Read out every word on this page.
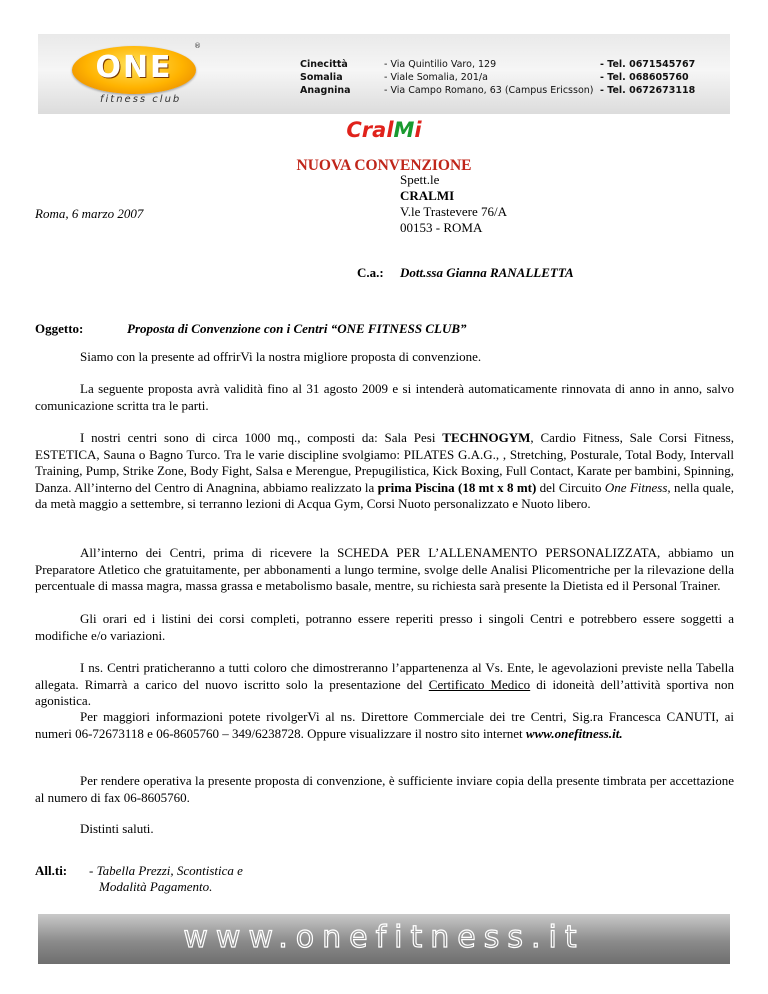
ONE
®
fitness club
Cinecittà
Somalia
Anagnina
- Via Quintilio Varo, 129
- Viale Somalia, 201/a
- Via Campo Romano, 63 (Campus Ericsson)
- Tel. 0671545767
- Tel. 068605760
- Tel. 0672673118
CralMi
NUOVA CONVENZIONE
Roma, 6 marzo 2007
Spett.le
CRALMI
V.le Trastevere 76/A
00153 - ROMA
C.a.: Dott.ssa Gianna RANALLETTA
Oggetto:	Proposta di Convenzione con i Centri “ONE FITNESS CLUB”

Siamo con la presente ad offrirVi la nostra migliore proposta di convenzione.

La seguente proposta avrà validità fino al 31 agosto 2009 e si intenderà automaticamente rinnovata di anno in anno, salvo comunicazione scritta tra le parti.

I nostri centri sono di circa 1000 mq., composti da: Sala Pesi TECHNOGYM, Cardio Fitness, Sale Corsi Fitness, ESTETICA, Sauna o Bagno Turco. Tra le varie discipline svolgiamo: PILATES G.A.G., , Stretching, Posturale, Total Body, Intervall Training, Pump, Strike Zone, Body Fight, Salsa e Merengue, Prepugilistica, Kick Boxing, Full Contact, Karate per bambini, Spinning, Danza. All’interno del Centro di Anagnina, abbiamo realizzato la prima Piscina (18 mt x 8 mt) del Circuito One Fitness, nella quale, da metà maggio a settembre, si terranno lezioni di Acqua Gym, Corsi Nuoto personalizzato e Nuoto libero.

All’interno dei Centri, prima di ricevere la SCHEDA PER L’ALLENAMENTO PERSONALIZZATA, abbiamo un Preparatore Atletico che gratuitamente, per abbonamenti a lungo termine, svolge delle Analisi Plicomentriche per la rilevazione della percentuale di massa magra, massa grassa e metabolismo basale, mentre, su richiesta sarà presente la Dietista ed il Personal Trainer.

Gli orari ed i listini dei corsi completi, potranno essere reperiti presso i singoli Centri e potrebbero essere soggetti a modifiche e/o variazioni.

I ns. Centri praticheranno a tutti coloro che dimostreranno l’appartenenza al Vs. Ente, le agevolazioni previste nella Tabella allegata. Rimarrà a carico del nuovo iscritto solo la presentazione del Certificato Medico di idoneità dell’attività sportiva non agonistica.

Per maggiori informazioni potete rivolgerVi al ns. Direttore Commerciale dei tre Centri, Sig.ra Francesca CANUTI, ai numeri 06-72673118 e 06-8605760 – 349/6238728. Oppure visualizzare il nostro sito internet www.onefitness.it.

Per rendere operativa la presente proposta di convenzione, è sufficiente inviare copia della presente timbrata per accettazione al numero di fax 06-8605760.

Distinti saluti.

All.ti: - Tabella Prezzi, Scontistica e
Modalità Pagamento.
www.onefitness.it
